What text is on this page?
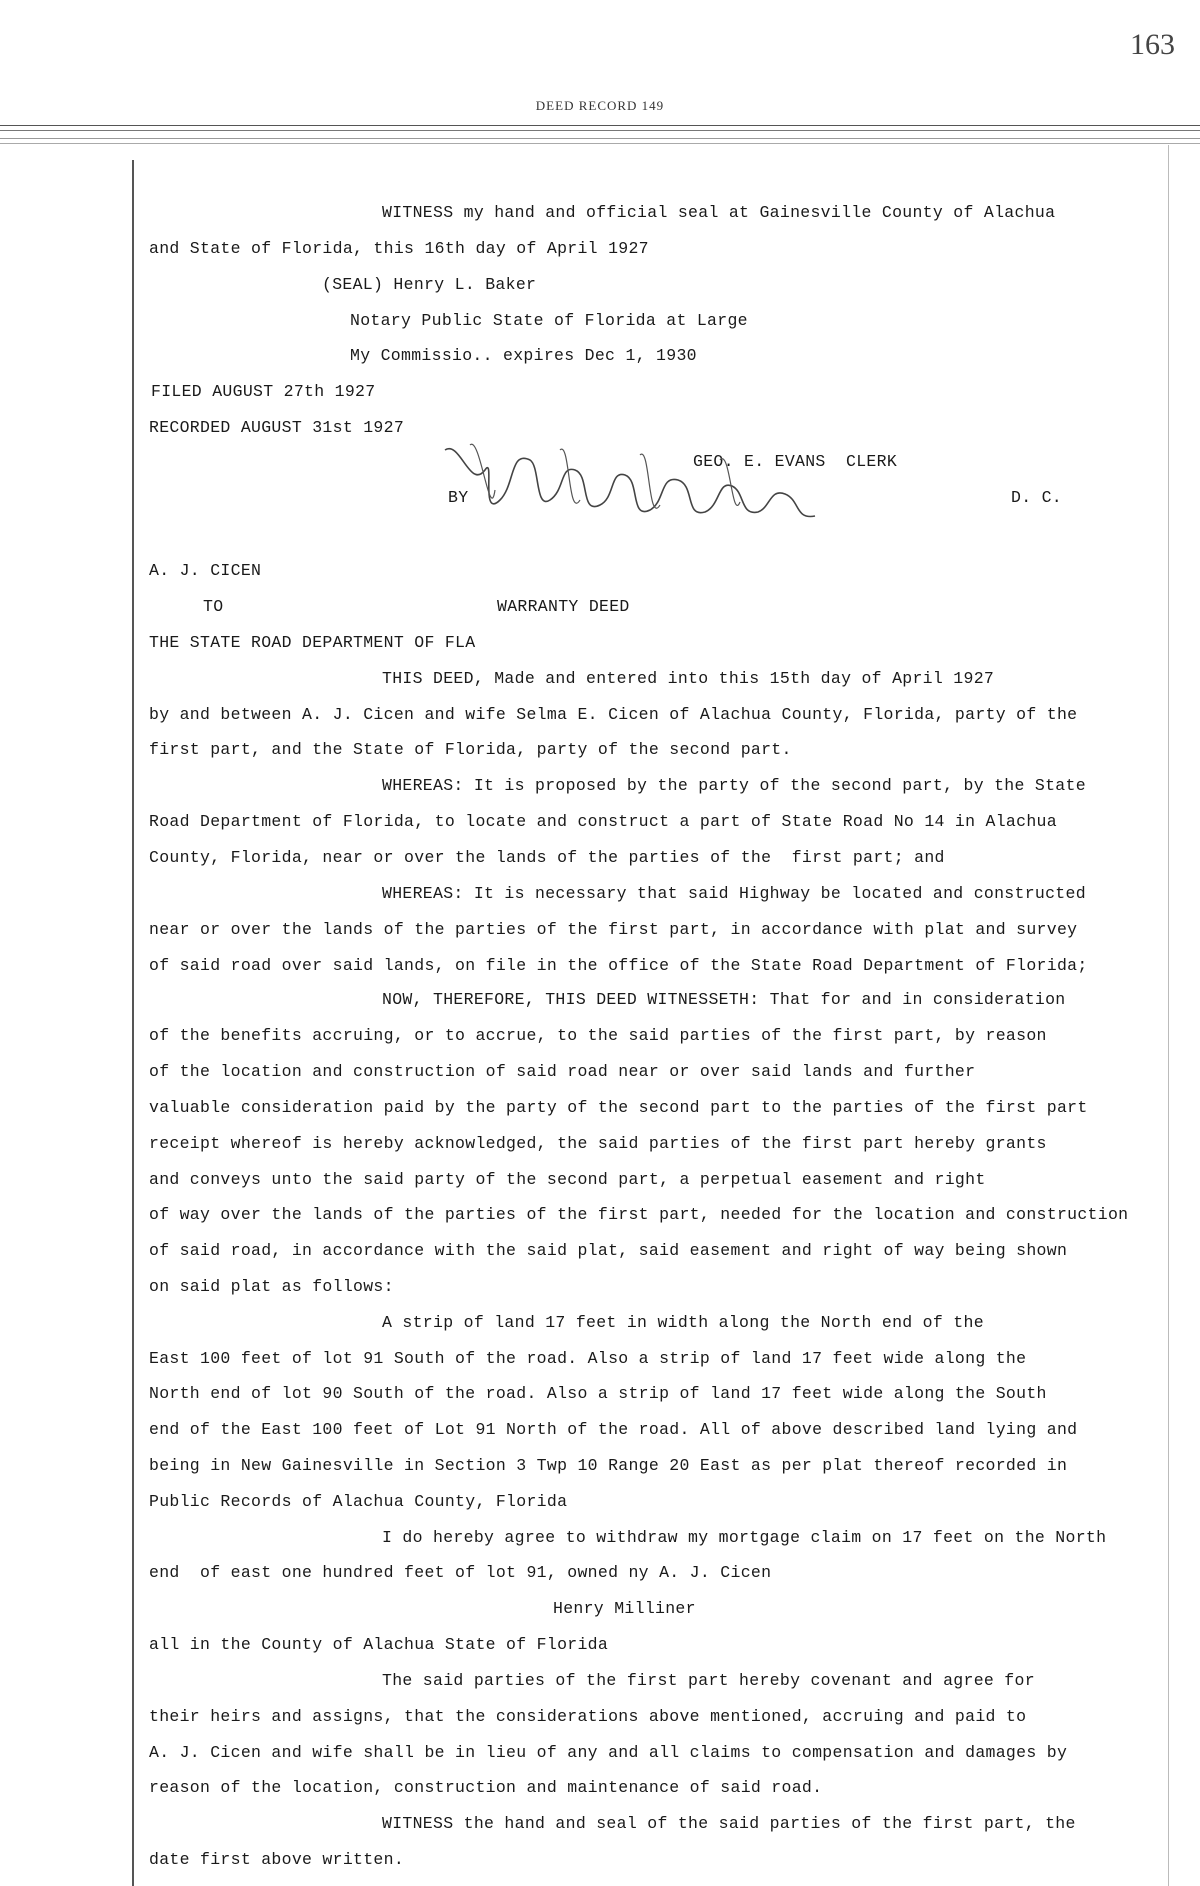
163
DEED RECORD 149
WITNESS my hand and official seal at Gainesville County of Alachua
and State of Florida, this 16th day of April 1927
(SEAL) Henry L. Baker
Notary Public State of Florida at Large
My Commissio.. expires Dec 1, 1930
FILED AUGUST 27th 1927
RECORDED AUGUST 31st 1927
GEO. E. EVANS  CLERK
BY	D. C.
A. J. CICEN
TO	WARRANTY DEED
THE STATE ROAD DEPARTMENT OF FLA
THIS DEED, Made and entered into this 15th day of April 1927
by and between A. J. Cicen and wife Selma E. Cicen of Alachua County, Florida, party of the
first part, and the State of Florida, party of the second part.
WHEREAS: It is proposed by the party of the second part, by the State
Road Department of Florida, to locate and construct a part of State Road No 14 in Alachua
County, Florida, near or over the lands of the parties of the  first part; and
WHEREAS: It is necessary that said Highway be located and constructed
near or over the lands of the parties of the first part, in accordance with plat and survey
of said road over said lands, on file in the office of the State Road Department of Florida;
NOW, THEREFORE, THIS DEED WITNESSETH: That for and in consideration
of the benefits accruing, or to accrue, to the said parties of the first part, by reason
of the location and construction of said road near or over said lands and further
valuable consideration paid by the party of the second part to the parties of the first part
receipt whereof is hereby acknowledged, the said parties of the first part hereby grants
and conveys unto the said party of the second part, a perpetual easement and right
of way over the lands of the parties of the first part, needed for the location and construction
of said road, in accordance with the said plat, said easement and right of way being shown
on said plat as follows:
A strip of land 17 feet in width along the North end of the
East 100 feet of lot 91 South of the road. Also a strip of land 17 feet wide along the
North end of lot 90 South of the road. Also a strip of land 17 feet wide along the South
end of the East 100 feet of Lot 91 North of the road. All of above described land lying and
being in New Gainesville in Section 3 Twp 10 Range 20 East as per plat thereof recorded in
Public Records of Alachua County, Florida
I do hereby agree to withdraw my mortgage claim on 17 feet on the North
end  of east one hundred feet of lot 91, owned ny A. J. Cicen
Henry Milliner
all in the County of Alachua State of Florida
The said parties of the first part hereby covenant and agree for
their heirs and assigns, that the considerations above mentioned, accruing and paid to
A. J. Cicen and wife shall be in lieu of any and all claims to compensation and damages by
reason of the location, construction and maintenance of said road.
WITNESS the hand and seal of the said parties of the first part, the
date first above written.
